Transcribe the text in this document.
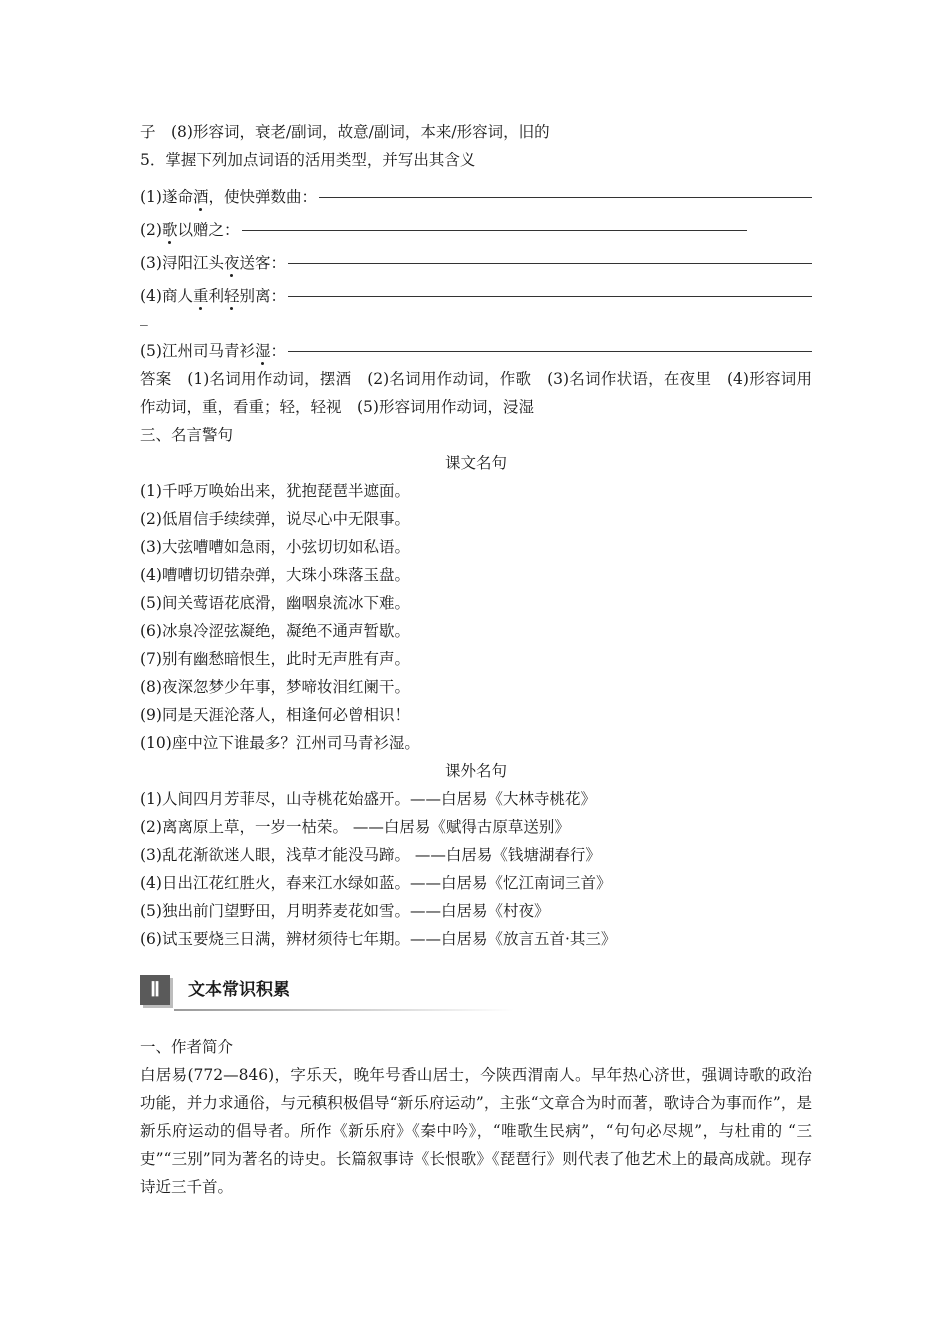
子　(8)形容词，衰老/副词，故意/副词，本来/形容词，旧的
5．掌握下列加点词语的活用类型，并写出其含义
(1)遂命酒，使快弹数曲：
(2)歌以赠之：
(3)浔阳江头夜送客：
(4)商人重利轻别离：
_
(5)江州司马青衫湿：
答案　(1)名词用作动词，摆酒　(2)名词用作动词，作歌　(3)名词作状语，在夜里　(4)形容词用作动词，重，看重；轻，轻视　(5)形容词用作动词，浸湿
三、名言警句
课文名句
(1)千呼万唤始出来，犹抱琵琶半遮面。
(2)低眉信手续续弹，说尽心中无限事。
(3)大弦嘈嘈如急雨，小弦切切如私语。
(4)嘈嘈切切错杂弹，大珠小珠落玉盘。
(5)间关莺语花底滑，幽咽泉流冰下难。
(6)冰泉冷涩弦凝绝，凝绝不通声暂歇。
(7)别有幽愁暗恨生，此时无声胜有声。
(8)夜深忽梦少年事，梦啼妆泪红阑干。
(9)同是天涯沦落人，相逢何必曾相识！
(10)座中泣下谁最多？江州司马青衫湿。
课外名句
(1)人间四月芳菲尽，山寺桃花始盛开。——白居易《大林寺桃花》
(2)离离原上草，一岁一枯荣。 ——白居易《赋得古原草送别》
(3)乱花渐欲迷人眼，浅草才能没马蹄。 ——白居易《钱塘湖春行》
(4)日出江花红胜火，春来江水绿如蓝。——白居易《忆江南词三首》
(5)独出前门望野田，月明荞麦花如雪。——白居易《村夜》
(6)试玉要烧三日满，辨材须待七年期。——白居易《放言五首·其三》
Ⅱ	文本常识积累
一、作者简介
白居易(772—846)，字乐天，晚年号香山居士，今陕西渭南人。早年热心济世，强调诗歌的政治功能，并力求通俗，与元稹积极倡导“新乐府运动”，主张“文章合为时而著，歌诗合为事而作”，是新乐府运动的倡导者。所作《新乐府》《秦中吟》，“唯歌生民病”，“句句必尽规”，与杜甫的 “三吏”“三别”同为著名的诗史。长篇叙事诗《长恨歌》《琵琶行》则代表了他艺术上的最高成就。现存诗近三千首。
